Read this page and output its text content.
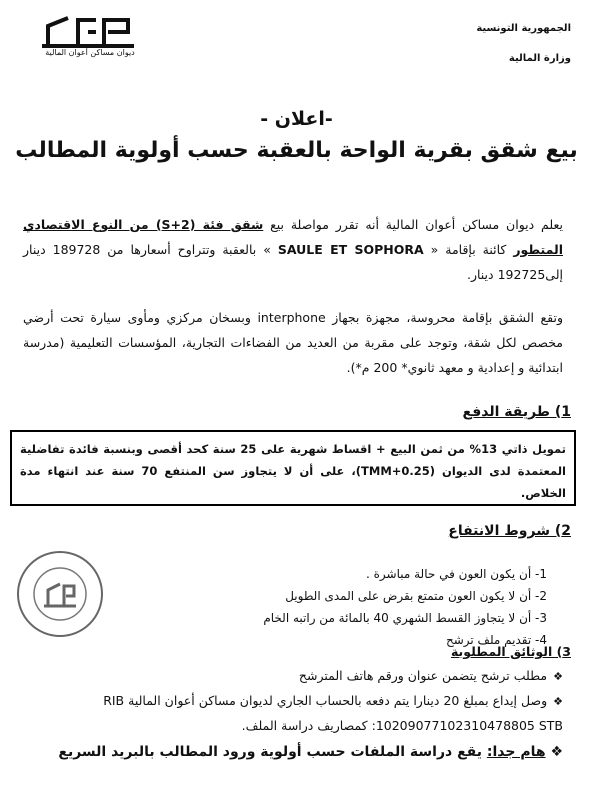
ديوان مساكن أعوان المالية
الجمهورية التونسية
وزارة المالية
-اعلان -
بيع شقق بقرية الواحة بالعقبة حسب أولوية المطالب
يعلم ديوان مساكن أعوان المالية أنه تقرر مواصلة بيع شقق فئة (S+2) من النوع الاقتصادي المتطور كائنة بإقامة « SAULE ET SOPHORA » بالعقبة وتتراوح أسعارها من 189728 دينار إلى192725 دينار.
وتقع الشقق بإقامة محروسة، مجهزة بجهاز interphone وبسخان مركزي ومأوى سيارة تحت أرضي مخصص لكل شقة، وتوجد على مقربة من العديد من الفضاءات التجارية، المؤسسات التعليمية (مدرسة ابتدائية و إعدادية و معهد ثانوي* 200 م*).
1) طريقة الدفع
تمويل ذاتي 13% من ثمن البيع + اقساط شهرية على 25 سنة كحد أقصى وبنسبة فائدة تفاضلية المعتمدة لدى الديوان (TMM+0.25)، على أن لا يتجاوز سن المنتفع 70 سنة عند انتهاء مدة الخلاص.
2) شروط الانتفاع
1- أن يكون العون في حالة مباشرة .
2- أن لا يكون العون متمتع بقرض على المدى الطويل
3- أن لا يتجاوز القسط الشهري 40 بالمائة من راتبه الخام
4- تقديم ملف ترشح
3) الوثائق المطلوبة
❖ مطلب ترشح يتضمن عنوان ورقم هاتف المترشح
❖ وصل إيداع بمبلغ 20 دينارا يتم دفعه بالحساب الجاري لديوان مساكن أعوان المالية RIB :10209077102310478805 STB كمصاريف دراسة الملف.
❖ هام جدا: يقع دراسة الملفات حسب أولوية ورود المطالب بالبريد السريع
